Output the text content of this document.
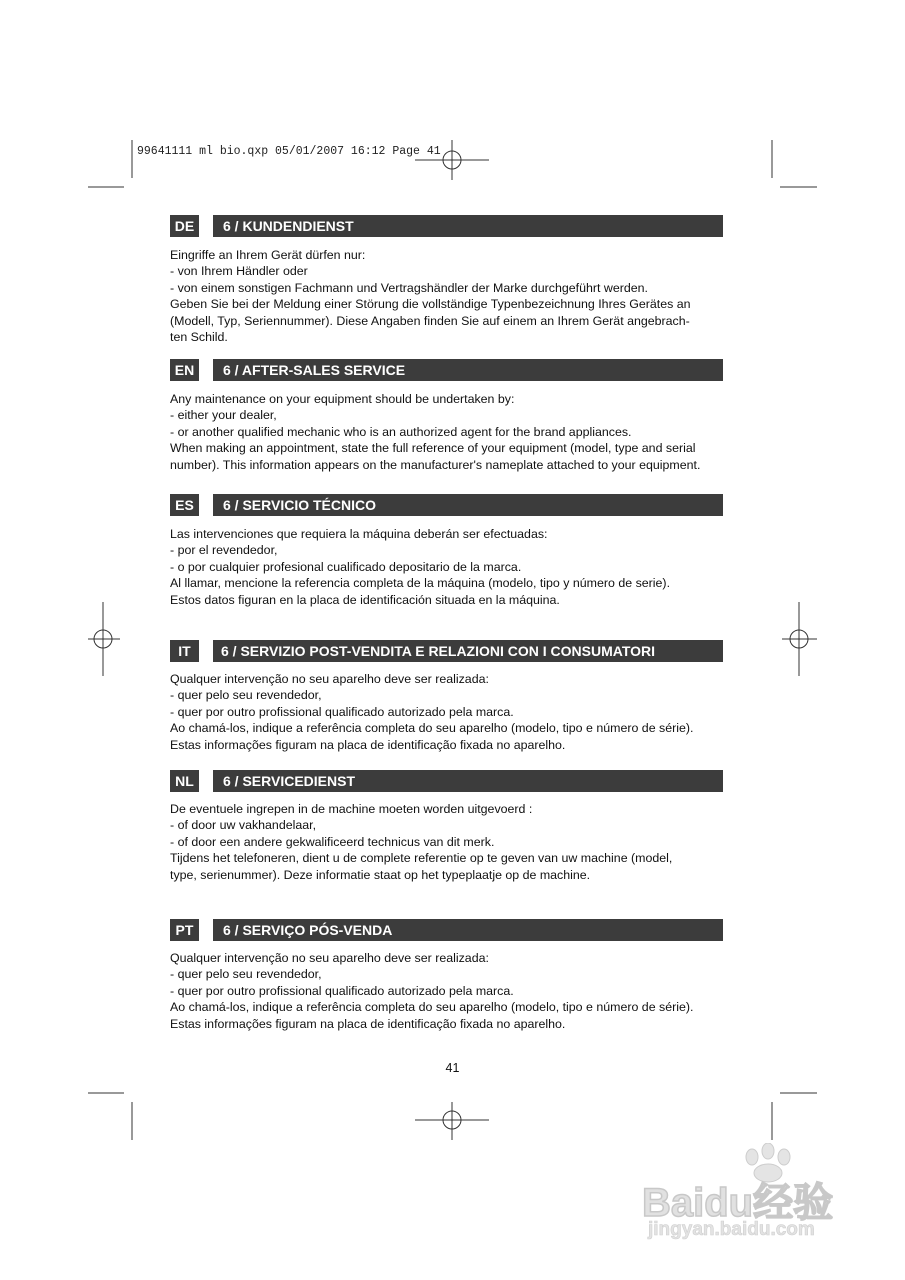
99641111 ml bio.qxp 05/01/2007 16:12 Page 41
DE	6 / KUNDENDIENST
Eingriffe an Ihrem Gerät dürfen nur:
- von Ihrem Händler oder
- von einem sonstigen Fachmann und Vertragshändler der Marke durchgeführt werden.
Geben Sie bei der Meldung einer Störung die vollständige Typenbezeichnung Ihres Gerätes an
(Modell, Typ, Seriennummer). Diese Angaben finden Sie auf einem an Ihrem Gerät angebrach-
ten Schild.
EN	6 / AFTER-SALES SERVICE
Any maintenance on your equipment should be undertaken by:
- either your dealer,
- or another qualified mechanic who is an authorized agent for the brand appliances.
When making an appointment, state the full reference of your equipment (model, type and serial
number). This information appears on the manufacturer's nameplate attached to your equipment.
ES	6 / SERVICIO TÉCNICO
Las intervenciones que requiera la máquina deberán ser efectuadas:
- por el revendedor,
- o por cualquier profesional cualificado depositario de la marca.
Al llamar, mencione la referencia completa de la máquina (modelo, tipo y número de serie).
Estos datos figuran en la placa de identificación situada en la máquina.
IT	6 / SERVIZIO POST-VENDITA E RELAZIONI CON I CONSUMATORI
Qualquer intervenção no seu aparelho deve ser realizada:
- quer pelo seu revendedor,
- quer por outro profissional qualificado autorizado pela marca.
Ao chamá-los, indique a referência completa do seu aparelho (modelo, tipo e número de série).
Estas informações figuram na placa de identificação fixada no aparelho.
NL	6 / SERVICEDIENST
De eventuele ingrepen in de machine moeten worden uitgevoerd :
- of door uw vakhandelaar,
- of door een andere gekwalificeerd technicus van dit merk.
Tijdens het telefoneren, dient u de complete referentie op te geven van uw machine (model,
type, serienummer). Deze informatie staat op het typeplaatje op de machine.
PT	6 / SERVIÇO PÓS-VENDA
Qualquer intervenção no seu aparelho deve ser realizada:
- quer pelo seu revendedor,
- quer por outro profissional qualificado autorizado pela marca.
Ao chamá-los, indique a referência completa do seu aparelho (modelo, tipo e número de série).
Estas informações figuram na placa de identificação fixada no aparelho.
41
Baidu经验
jingyan.baidu.com
